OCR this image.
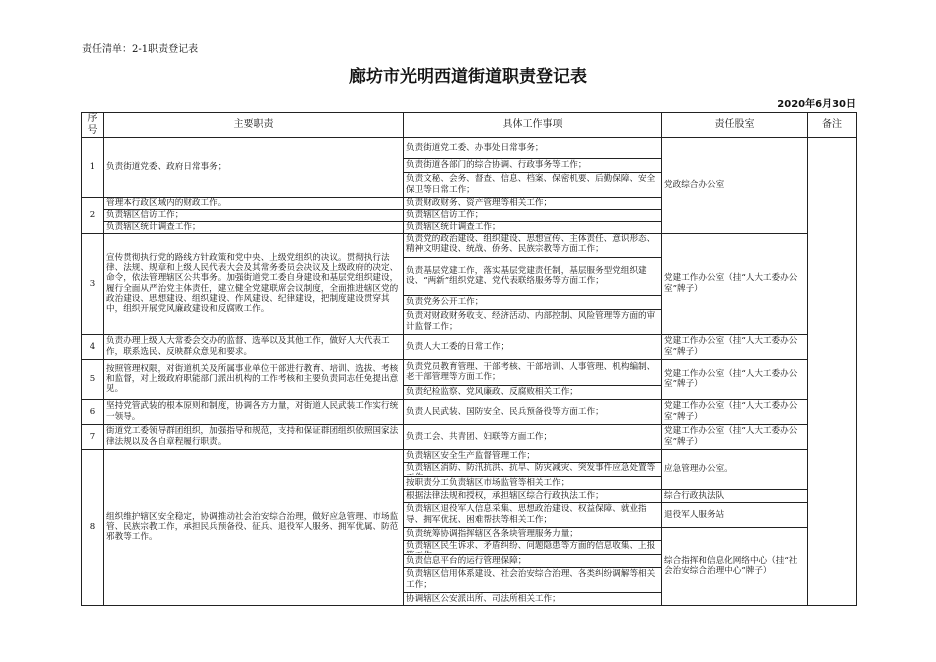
责任清单：2-1职责登记表
廊坊市光明西道街道职责登记表
2020年6月30日
序号	主要职责	具体工作事项	责任股室	备注
1	负责街道党委、政府日常事务；	负责街道党工委、办事处日常事务；	党政综合办公室	
		负责街道各部门的综合协调、行政事务等工作；		
		负责文秘、会务、督查、信息、档案、保密机要、后勤保障、安全保卫等日常工作；		
2	管理本行政区域内的财政工作。	负责财政财务、资产管理等相关工作；		
	负责辖区信访工作；	负责辖区信访工作；		
	负责辖区统计调查工作；	负责辖区统计调查工作；		
3	宣传贯彻执行党的路线方针政策和党中央、上级党组织的决议。贯彻执行法律、法规、规章和上级人民代表大会及其常务委员会决议及上级政府的决定、命令，依法管理辖区公共事务。加强街道党工委自身建设和基层党组织建设，履行全面从严治党主体责任，建立健全党建联席会议制度，全面推进辖区党的政治建设、思想建设、组织建设、作风建设、纪律建设，把制度建设贯穿其中，组织开展党风廉政建设和反腐败工作。	负责党的政治建设、组织建设、思想宣传、主体责任、意识形态、精神文明建设、统战、侨务、民族宗教等方面工作；	党建工作办公室（挂“人大工委办公室”牌子）	
		负责基层党建工作，落实基层党建责任制，基层服务型党组织建设、“两新”组织党建、党代表联络服务等方面工作；		
		负责党务公开工作；		
		负责对财政财务收支、经济活动、内部控制、风险管理等方面的审计监督工作；		
4	负责办理上级人大常委会交办的监督、选举以及其他工作，做好人大代表工作，联系选民、反映群众意见和要求。	负责人大工委的日常工作；	党建工作办公室（挂“人大工委办公室”牌子）	
5	按照管理权限，对街道机关及所属事业单位干部进行教育、培训、选拔、考核和监督，对上级政府职能部门派出机构的工作考核和主要负责同志任免提出意见。	负责党员教育管理、干部考核、干部培训、人事管理、机构编制、老干部管理等方面工作；	党建工作办公室（挂“人大工委办公室”牌子）	
		负责纪检监察、党风廉政、反腐败相关工作；		
6	坚持党管武装的根本原则和制度，协调各方力量，对街道人民武装工作实行统一领导。	负责人民武装、国防安全、民兵预备役等方面工作；	党建工作办公室（挂“人大工委办公室”牌子）	
7	街道党工委领导群团组织，加强指导和规范，支持和保证群团组织依照国家法律法规以及各自章程履行职责。	负责工会、共青团、妇联等方面工作；	党建工作办公室（挂“人大工委办公室”牌子）	
8	组织维护辖区安全稳定，协调推动社会治安综合治理，做好应急管理、市场监管、民族宗教工作，承担民兵预备役、征兵、退役军人服务、拥军优属、防范邪教等工作。	负责辖区安全生产监督管理工作；	应急管理办公室。	

		负责辖区消防、防汛抗洪、抗旱、防灾减灾、突发事件应急处置等		

		按职责分工负责辖区市场监管等相关工作；		
		根据法律法规和授权，承担辖区综合行政执法工作；	综合行政执法队	
		负责辖区退役军人信息采集、思想政治建设、权益保障、就业指导、拥军优抚、困难帮扶等相关工作；	退役军人服务站	
		负责统筹协调指挥辖区各条块管理服务力量；	综合指挥和信息化网络中心（挂“社会治安综合治理中心”牌子）	

		负责辖区民生诉求、矛盾纠纷、问题隐患等方面的信息收集、上报		

		负责信息平台的运行管理保障；		
		负责辖区信用体系建设、社会治安综合治理、各类纠纷调解等相关工作；		
		协调辖区公安派出所、司法所相关工作；		
